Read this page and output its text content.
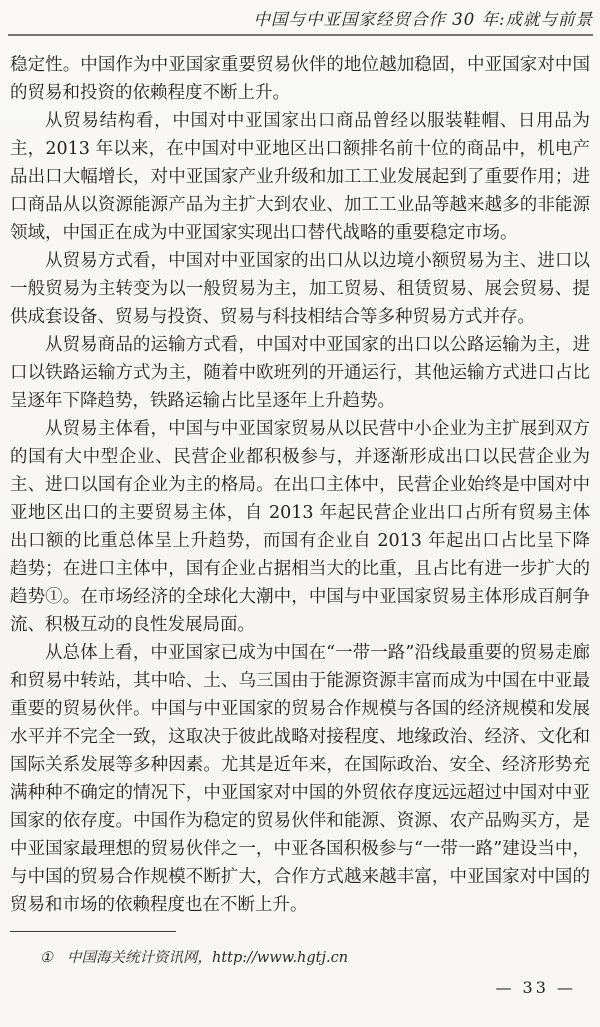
中国与中亚国家经贸合作 30 年:成就与前景

稳定性。中国作为中亚国家重要贸易伙伴的地位越加稳固，中亚国家对中国的贸易和投资的依赖程度不断上升。

从贸易结构看，中国对中亚国家出口商品曾经以服装鞋帽、日用品为主，2013 年以来，在中国对中亚地区出口额排名前十位的商品中，机电产品出口大幅增长，对中亚国家产业升级和加工工业发展起到了重要作用；进口商品从以资源能源产品为主扩大到农业、加工工业品等越来越多的非能源领域，中国正在成为中亚国家实现出口替代战略的重要稳定市场。

从贸易方式看，中国对中亚国家的出口从以边境小额贸易为主、进口以一般贸易为主转变为以一般贸易为主，加工贸易、租赁贸易、展会贸易、提供成套设备、贸易与投资、贸易与科技相结合等多种贸易方式并存。

从贸易商品的运输方式看，中国对中亚国家的出口以公路运输为主，进口以铁路运输方式为主，随着中欧班列的开通运行，其他运输方式进口占比呈逐年下降趋势，铁路运输占比呈逐年上升趋势。

从贸易主体看，中国与中亚国家贸易从以民营中小企业为主扩展到双方的国有大中型企业、民营企业都积极参与，并逐渐形成出口以民营企业为主、进口以国有企业为主的格局。在出口主体中，民营企业始终是中国对中亚地区出口的主要贸易主体，自 2013 年起民营企业出口占所有贸易主体出口额的比重总体呈上升趋势，而国有企业自 2013 年起出口占比呈下降趋势；在进口主体中，国有企业占据相当大的比重，且占比有进一步扩大的趋势①。在市场经济的全球化大潮中，中国与中亚国家贸易主体形成百舸争流、积极互动的良性发展局面。

从总体上看，中亚国家已成为中国在“一带一路”沿线最重要的贸易走廊和贸易中转站，其中哈、土、乌三国由于能源资源丰富而成为中国在中亚最重要的贸易伙伴。中国与中亚国家的贸易合作规模与各国的经济规模和发展水平并不完全一致，这取决于彼此战略对接程度、地缘政治、经济、文化和国际关系发展等多种因素。尤其是近年来，在国际政治、安全、经济形势充满种种不确定的情况下，中亚国家对中国的外贸依存度远远超过中国对中亚国家的依存度。中国作为稳定的贸易伙伴和能源、资源、农产品购买方，是中亚国家最理想的贸易伙伴之一，中亚各国积极参与“一带一路”建设当中，与中国的贸易合作规模不断扩大，合作方式越来越丰富，中亚国家对中国的贸易和市场的依赖程度也在不断上升。

① 中国海关统计资讯网，http://www.hgtj.cn
— 33 —
